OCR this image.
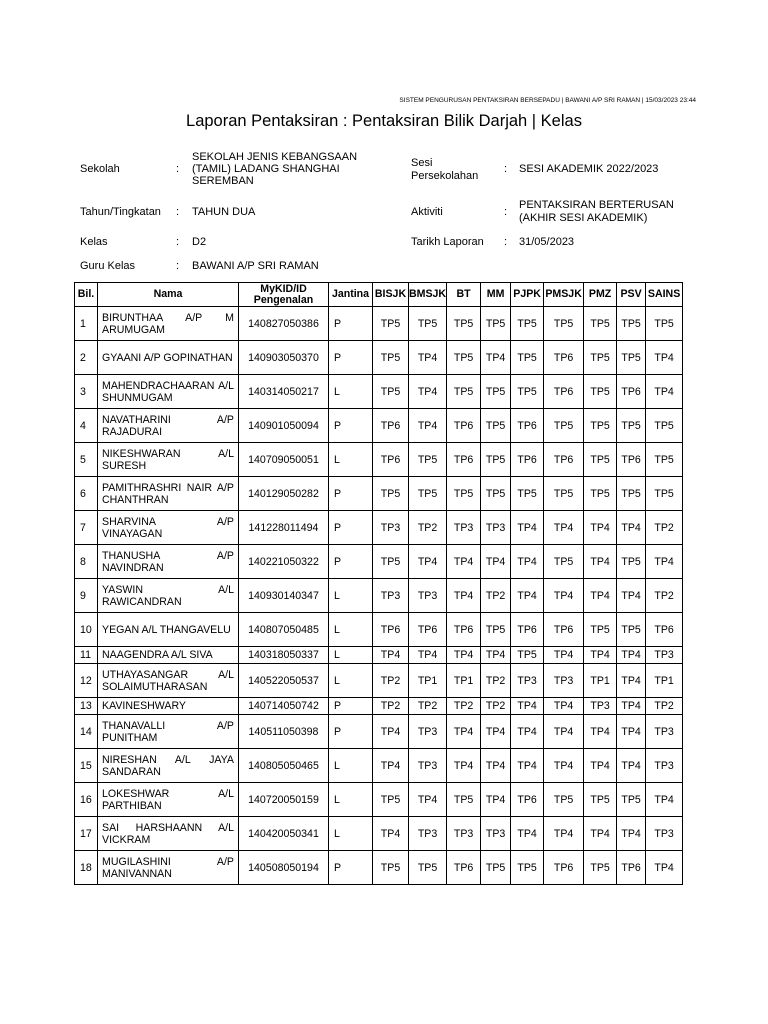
SISTEM PENGURUSAN PENTAKSIRAN BERSEPADU | BAWANI A/P SRI RAMAN | 15/03/2023 23:44
Laporan Pentaksiran : Pentaksiran Bilik Darjah | Kelas
Sekolah	:
SEKOLAH JENIS KEBANGSAAN (TAMIL) LADANG SHANGHAI SEREMBAN
Sesi Persekolahan
: SESI AKADEMIK 2022/2023
Tahun/Tingkatan : TAHUN DUA	Aktiviti	:
PENTAKSIRAN BERTERUSAN (AKHIR SESI AKADEMIK)
Kelas	: D2	Tarikh Laporan : 31/05/2023
Guru Kelas	: BAWANI A/P SRI RAMAN
Bil.	Nama	MyKID/ID Pengenalan	Jantina	BISJK	BMSJK	BT	MM	PJPK	PMSJK	PMZ	PSV	SAINS
1	BIRUNTHAA A/P M ARUMUGAM	140827050386	P	TP5	TP5	TP5	TP5	TP5	TP5	TP5	TP5	TP5
2	GYAANI A/P GOPINATHAN	140903050370	P	TP5	TP4	TP5	TP4	TP5	TP6	TP5	TP5	TP4
3	MAHENDRACHAARAN A/L SHUNMUGAM	140314050217	L	TP5	TP4	TP5	TP5	TP5	TP6	TP5	TP6	TP4
4	NAVATHARINI A/P RAJADURAI	140901050094	P	TP6	TP4	TP6	TP5	TP6	TP5	TP5	TP5	TP5
5	NIKESHWARAN A/L SURESH	140709050051	L	TP6	TP5	TP6	TP5	TP6	TP6	TP5	TP6	TP5
6	PAMITHRASHRI NAIR A/P CHANTHRAN	140129050282	P	TP5	TP5	TP5	TP5	TP5	TP5	TP5	TP5	TP5
7	SHARVINA A/P VINAYAGAN	141228011494	P	TP3	TP2	TP3	TP3	TP4	TP4	TP4	TP4	TP2
8	THANUSHA A/P NAVINDRAN	140221050322	P	TP5	TP4	TP4	TP4	TP4	TP5	TP4	TP5	TP4
9	YASWIN A/L RAWICANDRAN	140930140347	L	TP3	TP3	TP4	TP2	TP4	TP4	TP4	TP4	TP2
10	YEGAN A/L THANGAVELU	140807050485	L	TP6	TP6	TP6	TP5	TP6	TP6	TP5	TP5	TP6
11	NAAGENDRA A/L SIVA	140318050337	L	TP4	TP4	TP4	TP4	TP5	TP4	TP4	TP4	TP3
12	UTHAYASANGAR A/L SOLAIMUTHARASAN	140522050537	L	TP2	TP1	TP1	TP2	TP3	TP3	TP1	TP4	TP1
13	KAVINESHWARY	140714050742	P	TP2	TP2	TP2	TP2	TP4	TP4	TP3	TP4	TP2
14	THANAVALLI A/P PUNITHAM	140511050398	P	TP4	TP3	TP4	TP4	TP4	TP4	TP4	TP4	TP3
15	NIRESHAN A/L JAYA SANDARAN	140805050465	L	TP4	TP3	TP4	TP4	TP4	TP4	TP4	TP4	TP3
16	LOKESHWAR A/L PARTHIBAN	140720050159	L	TP5	TP4	TP5	TP4	TP6	TP5	TP5	TP5	TP4
17	SAI HARSHAANN A/L VICKRAM	140420050341	L	TP4	TP3	TP3	TP3	TP4	TP4	TP4	TP4	TP3
18	MUGILASHINI A/P MANIVANNAN	140508050194	P	TP5	TP5	TP6	TP5	TP5	TP6	TP5	TP6	TP4
